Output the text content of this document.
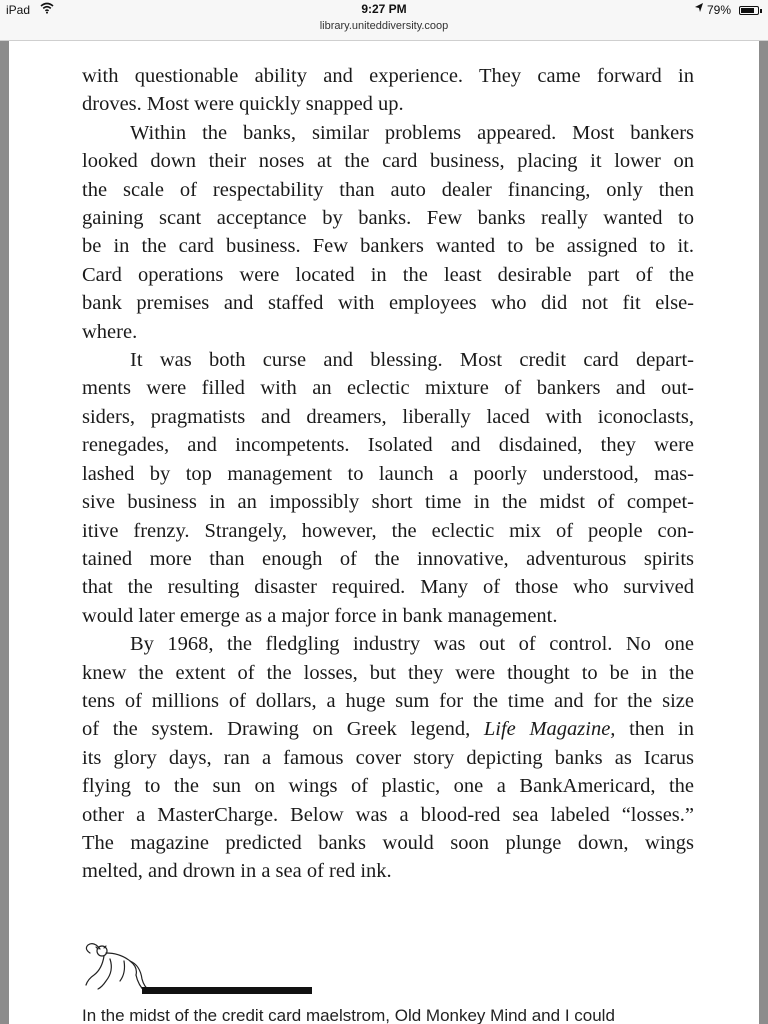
iPad	9:27 PM
library.uniteddiversity.coop
79%
with questionable ability and experience. They came forward in
droves. Most were quickly snapped up.
Within the banks, similar problems appeared. Most bankers
looked down their noses at the card business, placing it lower on
the scale of respectability than auto dealer financing, only then
gaining scant acceptance by banks. Few banks really wanted to
be in the card business. Few bankers wanted to be assigned to it.
Card operations were located in the least desirable part of the
bank premises and staffed with employees who did not fit else-
where.
It was both curse and blessing. Most credit card depart-
ments were filled with an eclectic mixture of bankers and out-
siders, pragmatists and dreamers, liberally laced with iconoclasts,
renegades, and incompetents. Isolated and disdained, they were
lashed by top management to launch a poorly understood, mas-
sive business in an impossibly short time in the midst of compet-
itive frenzy. Strangely, however, the eclectic mix of people con-
tained more than enough of the innovative, adventurous spirits
that the resulting disaster required. Many of those who survived
would later emerge as a major force in bank management.
By 1968, the fledgling industry was out of control. No one
knew the extent of the losses, but they were thought to be in the
tens of millions of dollars, a huge sum for the time and for the size
of the system. Drawing on Greek legend, Life Magazine, then in
its glory days, ran a famous cover story depicting banks as Icarus
flying to the sun on wings of plastic, one a BankAmericard, the
other a MasterCharge. Below was a blood-red sea labeled “losses.”
The magazine predicted banks would soon plunge down, wings
melted, and drown in a sea of red ink.
In the midst of the credit card maelstrom, Old Monkey Mind and I could
